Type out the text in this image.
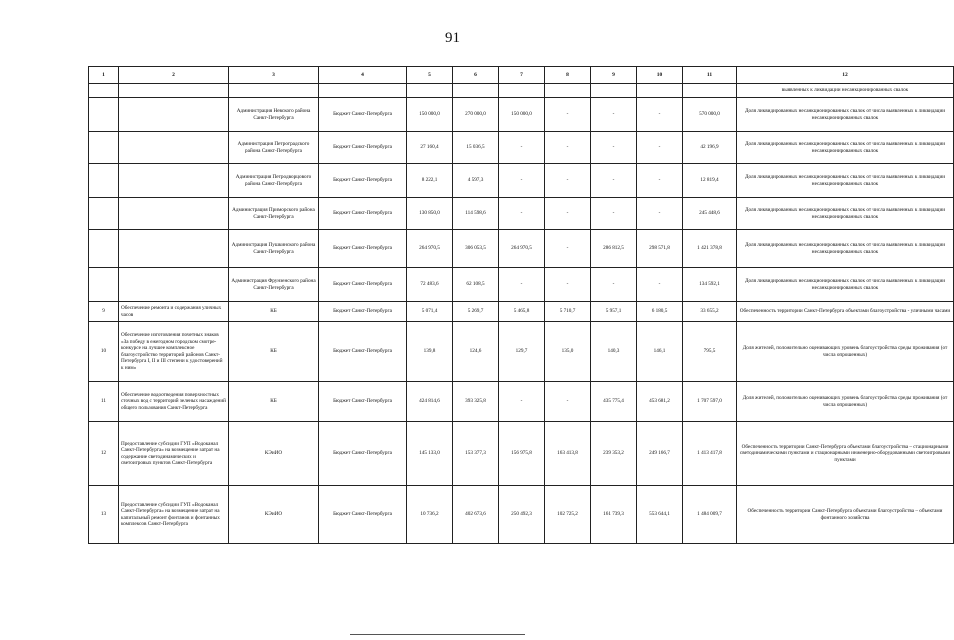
91
1	2	3	4	5	6	7	8	9	10	11	12
											выявленных к ликвидации несанкционированных свалок
		Администрация Невского района Санкт-Петербурга	Бюджет Санкт-Петербурга	150 000,0	270 000,0	150 000,0	-	-	-	570 000,0	Доля ликвидированных несанкционированных свалок от числа выявленных к ликвидации несанкционированных свалок
		Администрация Петроградского района Санкт-Петербурга	Бюджет Санкт-Петербурга	27 160,4	15 036,5	-	-	-	-	42 196,9	Доля ликвидированных несанкционированных свалок от числа выявленных к ликвидации несанкционированных свалок
		Администрация Петродворцового района Санкт-Петербурга	Бюджет Санкт-Петербурга	8 222,1	4 597,3	-	-	-	-	12 819,4	Доля ликвидированных несанкционированных свалок от числа выявленных к ликвидации несанкционированных свалок
		Администрация Приморского района Санкт-Петербурга	Бюджет Санкт-Петербурга	130 850,0	114 598,6	-	-	-	-	245 448,6	Доля ликвидированных несанкционированных свалок от числа выявленных к ликвидации несанкционированных свалок
		Администрация Пушкинского района Санкт-Петербурга	Бюджет Санкт-Петербурга	264 970,5	306 053,5	264 970,5	-	286 812,5	298 571,8	1 421 378,8	Доля ликвидированных несанкционированных свалок от числа выявленных к ликвидации несанкционированных свалок
		Администрация Фрунзенского района Санкт-Петербурга	Бюджет Санкт-Петербурга	72 483,6	62 108,5	-	-	-	-	134 592,1	Доля ликвидированных несанкционированных свалок от числа выявленных к ликвидации несанкционированных свалок
9	Обеспечение ремонта и содержания уличных часов	КБ	Бюджет Санкт-Петербурга	5 071,4	5 269,7	5 465,8	5 710,7	5 957,1	6 180,5	33 655,2	Обеспеченность территории Санкт-Петербурга объектами благоустройства - уличными часами
10	Обеспечение изготовления почетных знаков «За победу в ежегодном городском смотре-конкурсе на лучшее комплексное благоустройство территорий районов Санкт-Петербурга I, II и III степени к удостоверений к ним»	КБ	Бюджет Санкт-Петербурга	139,8	124,6	129,7	135,0	140,3	146,1	795,5	Доля жителей, положительно оценивающих уровень благоустройства среды проживания (от числа опрошенных)
11	Обеспечение водоотведения поверхностных сточных вод с территорий зеленых насаждений общего пользования Санкт-Петербурга	КБ	Бюджет Санкт-Петербурга	424 814,6	393 325,8	-	-	435 775,4	453 681,2	1 707 597,0	Доля жителей, положительно оценивающих уровень благоустройства среды проживания (от числа опрошенных)
12	Предоставление субсидии ГУП «Водоканал Санкт-Петербурга» на возмещение затрат на содержание светодинамических и светоигровых пунктов Санкт-Петербурга	КЭиИО	Бюджет Санкт-Петербурга	145 133,0	153 377,3	156 975,8	163 413,8	239 353,2	249 166,7	1 413 417,8	Обеспеченность территории Санкт-Петербурга объектами благоустройства – стационарными светодинамическими пунктами и стационарными инженерно-оборудованными светоигровыми пунктами
13	Предоставление субсидии ГУП «Водоканал Санкт-Петербурга» на возмещение затрат на капитальный ремонт фонтанов и фонтанных комплексов Санкт-Петербурга	КЭиИО	Бюджет Санкт-Петербурга	10 736,2	402 673,6	250 492,3	102 725,2	161 739,3	553 644,1	1 484 009,7	Обеспеченность территории Санкт-Петербурга объектами благоустройства – объектами фонтанного хозяйства
